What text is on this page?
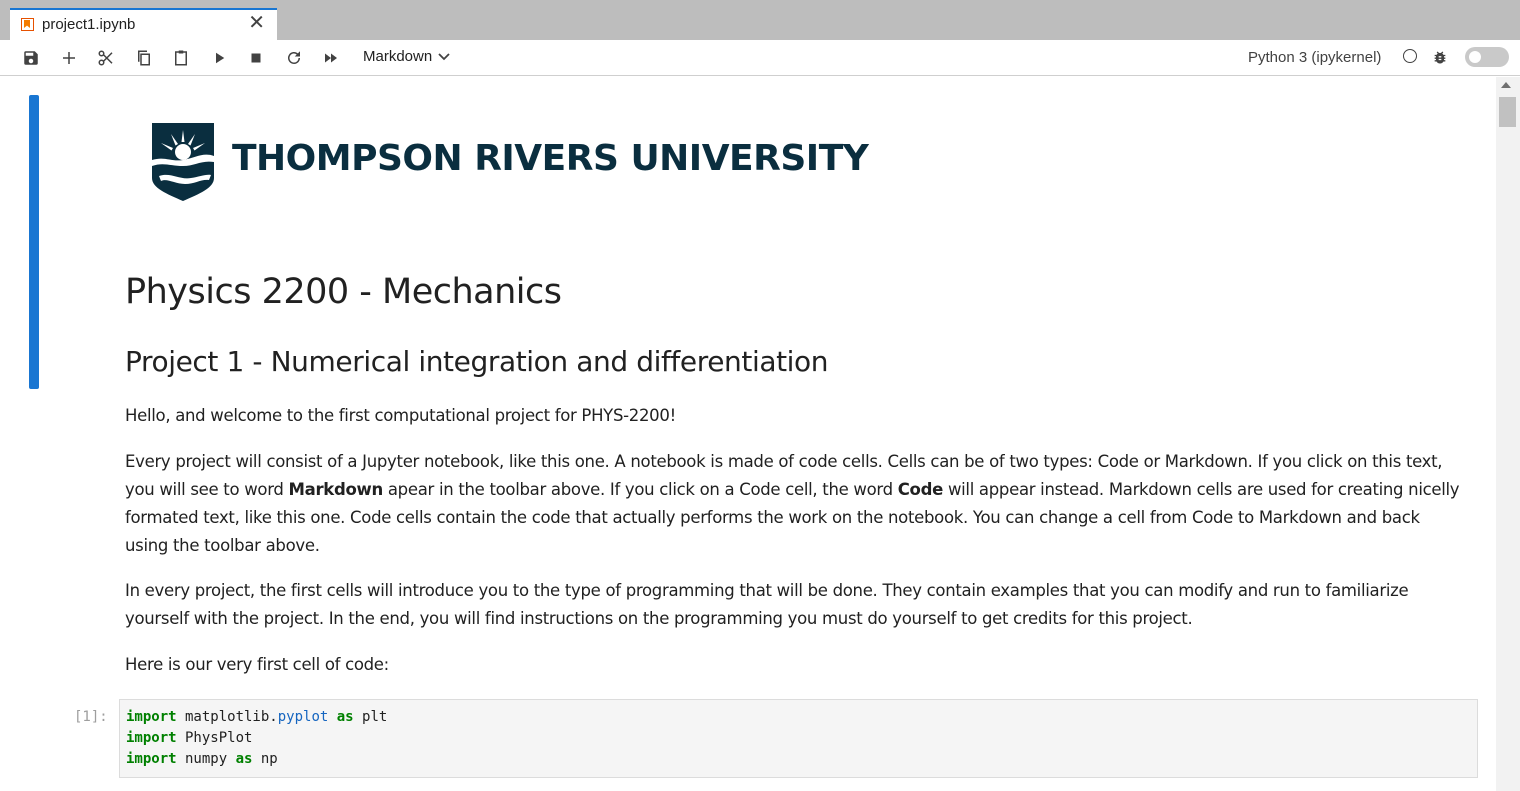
project1.ipynb	✕
Markdown	Python 3 (ipykernel)
THOMPSON RIVERS UNIVERSITY
Physics 2200 - Mechanics
Project 1 - Numerical integration and differentiation

Hello, and welcome to the first computational project for PHYS-2200!

Every project will consist of a Jupyter notebook, like this one. A notebook is made of code cells. Cells can be of two types: Code or Markdown. If you click on this text, you will see to word Markdown apear in the toolbar above. If you click on a Code cell, the word Code will appear instead. Markdown cells are used for creating nicelly formated text, like this one. Code cells contain the code that actually performs the work on the notebook. You can change a cell from Code to Markdown and back using the toolbar above.

In every project, the first cells will introduce you to the type of programming that will be done. They contain examples that you can modify and run to familiarize yourself with the project. In the end, you will find instructions on the programming you must do yourself to get credits for this project.

Here is our very first cell of code:

[1]: import matplotlib.pyplot as plt
import PhysPlot
import numpy as np
